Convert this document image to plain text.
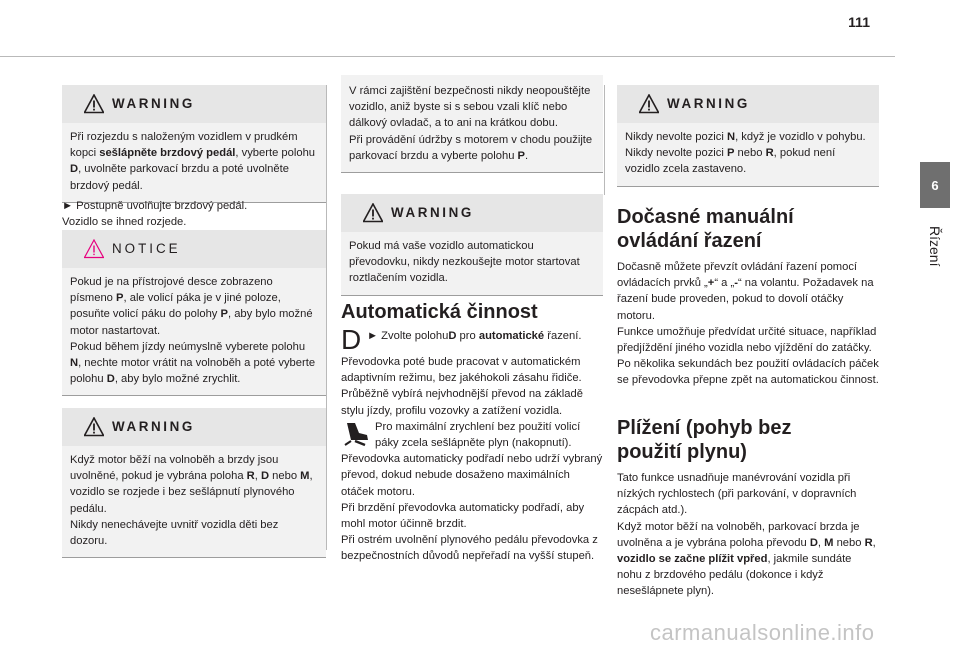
111
6
Řízení
WARNING

Při rozjezdu s naloženým vozidlem v prudkém kopci sešlápněte brzdový pedál, vyberte polohu D, uvolněte parkovací brzdu a poté uvolněte brzdový pedál.

► Postupně uvolňujte brzdový pedál.

Vozidlo se ihned rozjede.

NOTICE

Pokud je na přístrojové desce zobrazeno písmeno P, ale volicí páka je v jiné poloze, posuňte volicí páku do polohy P, aby bylo možné motor nastartovat.

Pokud během jízdy neúmyslně vyberete polohu N, nechte motor vrátit na volnoběh a poté vyberte polohu D, aby bylo možné zrychlit.

WARNING

Když motor běží na volnoběh a brzdy jsou uvolněné, pokud je vybrána poloha R, D nebo M, vozidlo se rozjede i bez sešlápnutí plynového pedálu.

Nikdy nenechávejte uvnitř vozidla děti bez dozoru.

V rámci zajištění bezpečnosti nikdy neopouštějte vozidlo, aniž byste si s sebou vzali klíč nebo dálkový ovladač, a to ani na krátkou dobu.

Při provádění údržby s motorem v chodu použijte parkovací brzdu a vyberte polohu P.

WARNING

Pokud má vaše vozidlo automatickou převodovku, nikdy nezkoušejte motor startovat roztlačením vozidla.

Automatická činnost
D ► Zvolte polohuD pro automatické řazení.

Převodovka poté bude pracovat v automatickém adaptivním režimu, bez jakéhokoli zásahu řidiče.

Průběžně vybírá nejvhodnější převod na základě stylu jízdy, profilu vozovky a zatížení vozidla.

Pro maximální zrychlení bez použití volicí páky zcela sešlápněte plyn (nakopnutí).

Převodovka automaticky podřadí nebo udrží vybraný převod, dokud nebude dosaženo maximálních otáček motoru.

Při brzdění převodovka automaticky podřadí, aby mohl motor účinně brzdit.

Při ostrém uvolnění plynového pedálu převodovka z bezpečnostních důvodů nepřeřadí na vyšší stupeň.

WARNING

Nikdy nevolte pozici N, když je vozidlo v pohybu.

Nikdy nevolte pozici P nebo R, pokud není vozidlo zcela zastaveno.

Dočasné manuální ovládání řazení

Dočasně můžete převzít ovládání řazení pomocí ovládacích prvků „+“ a „-“ na volantu. Požadavek na řazení bude proveden, pokud to dovolí otáčky motoru.

Funkce umožňuje předvídat určité situace, například předjíždění jiného vozidla nebo vjíždění do zatáčky.

Po několika sekundách bez použití ovládacích páček se převodovka přepne zpět na automatickou činnost.

Plížení (pohyb bez použití plynu)

Tato funkce usnadňuje manévrování vozidla při nízkých rychlostech (při parkování, v dopravních zácpách atd.).

Když motor běží na volnoběh, parkovací brzda je uvolněna a je vybrána poloha převodu D, M nebo R, vozidlo se začne plížit vpřed, jakmile sundáte nohu z brzdového pedálu (dokonce i když nesešlápnete plyn).

carmanualsonline.info
